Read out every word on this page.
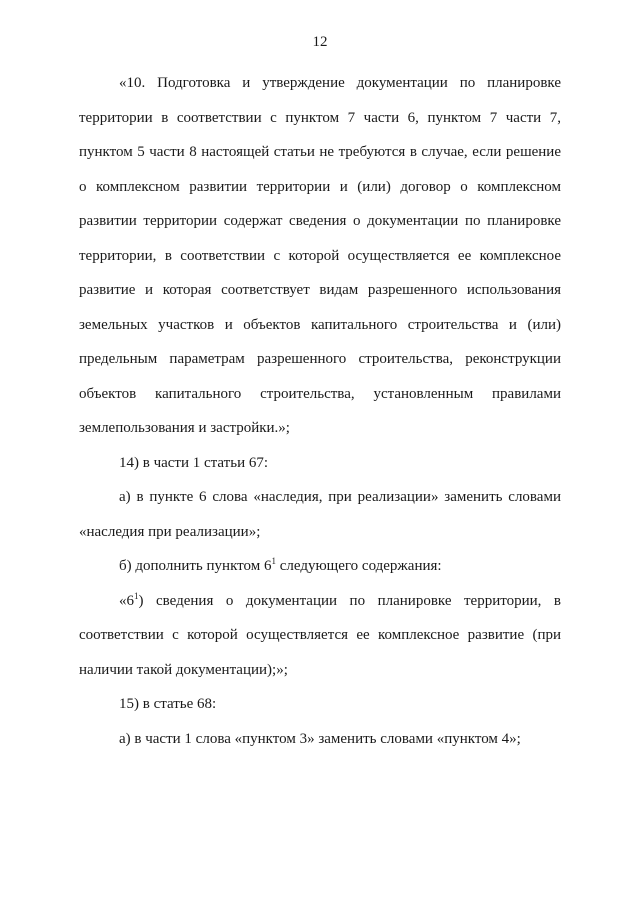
12

«10. Подготовка и утверждение документации по планировке территории в соответствии с пунктом 7 части 6, пунктом 7 части 7, пунктом 5 части 8 настоящей статьи не требуются в случае, если решение о комплексном развитии территории и (или) договор о комплексном развитии территории содержат сведения о документации по планировке территории, в соответствии с которой осуществляется ее комплексное развитие и которая соответствует видам разрешенного использования земельных участков и объектов капитального строительства и (или) предельным параметрам разрешенного строительства, реконструкции объектов капитального строительства, установленным правилами землепользования и застройки.»;

14) в части 1 статьи 67:

а) в пункте 6 слова «наследия, при реализации» заменить словами «наследия при реализации»;

б) дополнить пунктом $6^1$ следующего содержания:

«$6^1$) сведения о документации по планировке территории, в соответствии с которой осуществляется ее комплексное развитие (при наличии такой документации);»;

15) в статье 68:

а) в части 1 слова «пунктом 3» заменить словами «пунктом 4»;
